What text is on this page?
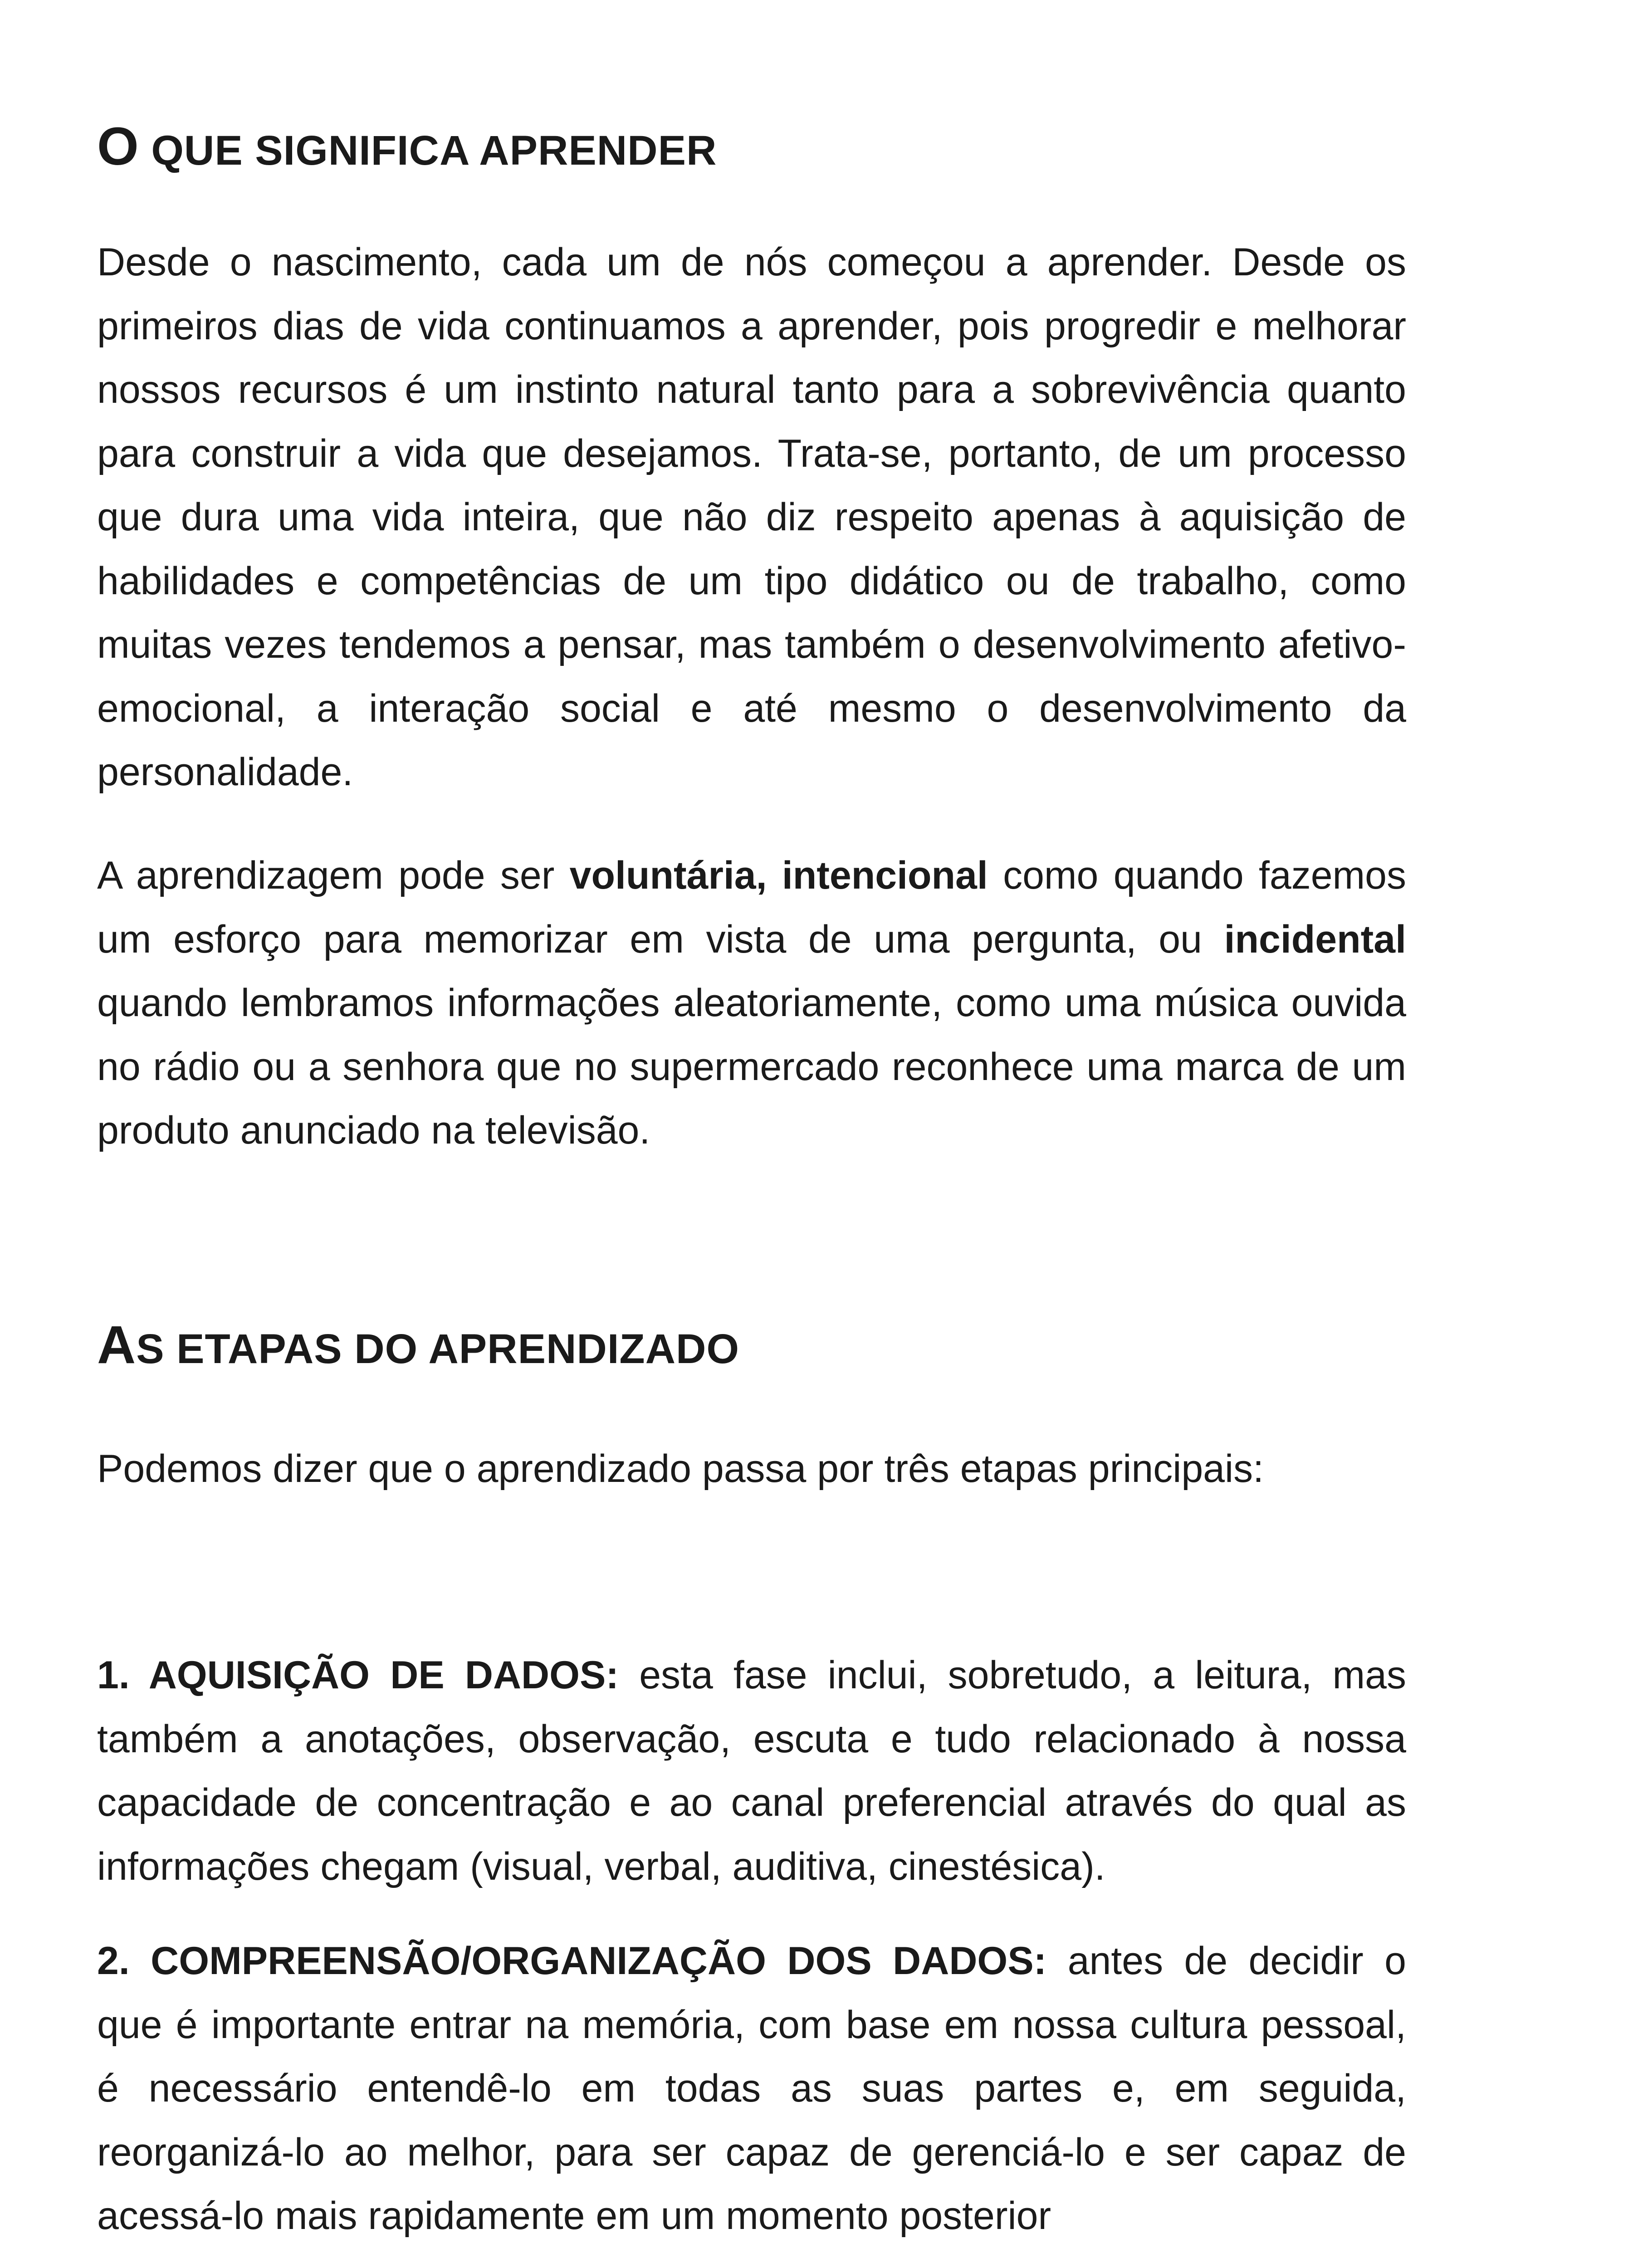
O QUE SIGNIFICA APRENDER

Desde o nascimento, cada um de nós começou a aprender. Desde os primeiros dias de vida continuamos a aprender, pois progredir e melhorar nossos recursos é um instinto natural tanto para a sobrevivência quanto para construir a vida que desejamos. Trata-se, portanto, de um processo que dura uma vida inteira, que não diz respeito apenas à aquisição de habilidades e competências de um tipo didático ou de trabalho, como muitas vezes tendemos a pensar, mas também o desenvolvimento afetivo-emocional, a interação social e até mesmo o desenvolvimento da personalidade.

A aprendizagem pode ser voluntária, intencional como quando fazemos um esforço para memorizar em vista de uma pergunta, ou incidental quando lembramos informações aleatoriamente, como uma música ouvida no rádio ou a senhora que no supermercado reconhece uma marca de um produto anunciado na televisão.

AS ETAPAS DO APRENDIZADO

Podemos dizer que o aprendizado passa por três etapas principais:

1. AQUISIÇÃO DE DADOS: esta fase inclui, sobretudo, a leitura, mas também a anotações, observação, escuta e tudo relacionado à nossa capacidade de concentração e ao canal preferencial através do qual as informações chegam (visual, verbal, auditiva, cinestésica).

2. COMPREENSÃO/ORGANIZAÇÃO DOS DADOS: antes de decidir o que é importante entrar na memória, com base em nossa cultura pessoal, é necessário entendê-lo em todas as suas partes e, em seguida, reorganizá-lo ao melhor, para ser capaz de gerenciá-lo e ser capaz de acessá-lo mais rapidamente em um momento posterior
